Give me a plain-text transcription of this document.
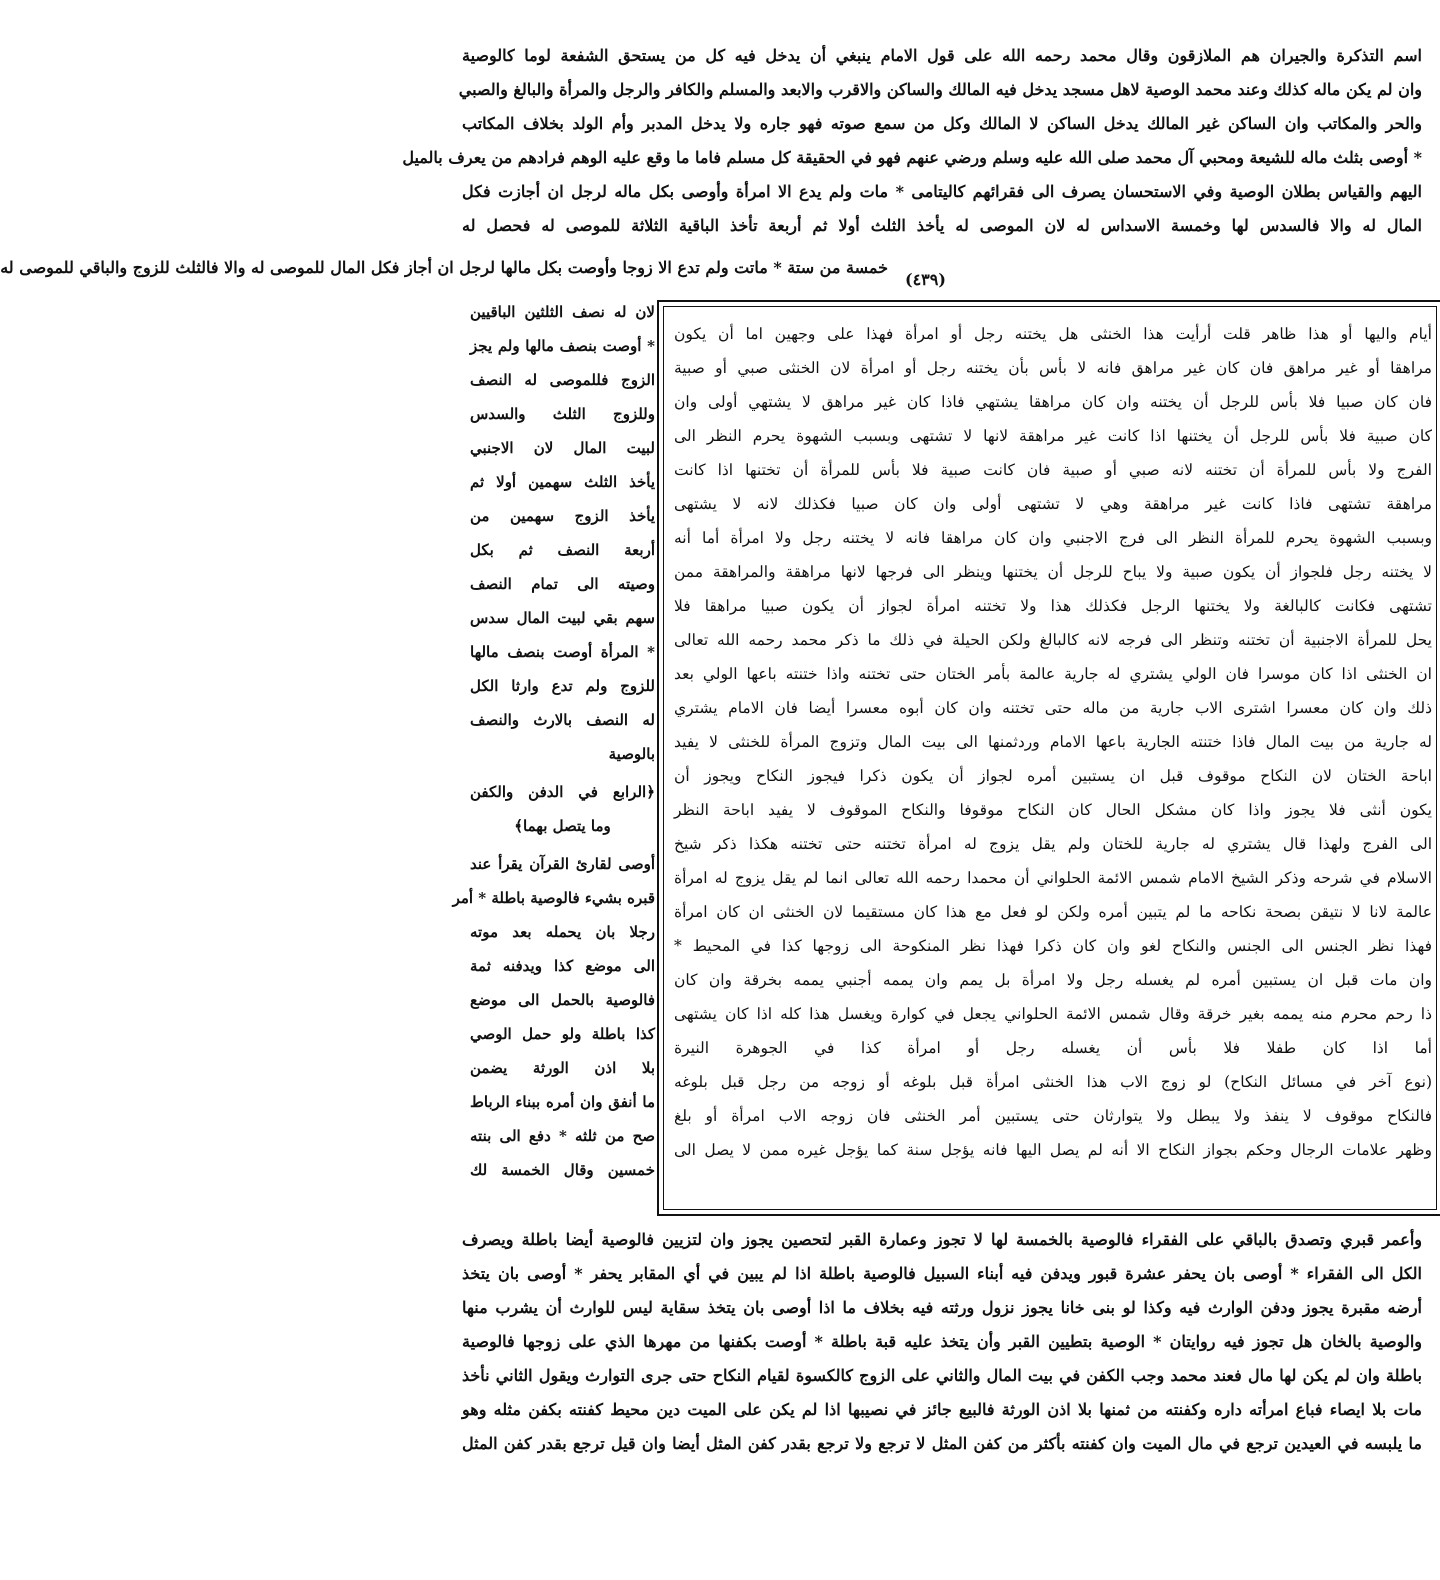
اسم التذكرة والجيران هم الملازقون وقال محمد رحمه الله على قول الامام ينبغي أن يدخل فيه كل من يستحق الشفعة لوما كالوصية
وان لم يكن ماله كذلك وعند محمد الوصية لاهل مسجد يدخل فيه المالك والساكن والاقرب والابعد والمسلم والكافر والرجل والمرأة والبالغ والصبي
والحر والمكاتب وان الساكن غير المالك يدخل الساكن لا المالك وكل من سمع صوته فهو جاره ولا يدخل المدبر وأم الولد بخلاف المكاتب
* أوصى بثلث ماله للشيعة ومحبي آل محمد صلى الله عليه وسلم ورضي عنهم فهو في الحقيقة كل مسلم فاما ما وقع عليه الوهم فرادهم من يعرف بالميل
اليهم والقياس بطلان الوصية وفي الاستحسان يصرف الى فقرائهم كاليتامى * مات ولم يدع الا امرأة وأوصى بكل ماله لرجل ان أجازت فكل
المال له والا فالسدس لها وخمسة الاسداس له لان الموصى له يأخذ الثلث أولا ثم أربعة تأخذ الباقية الثلاثة للموصى له فحصل له
خمسة من ستة * ماتت ولم تدع الا زوجا وأوصت بكل مالها لرجل ان أجاز فكل المال للموصى له والا فالثلث للزوج والباقي للموصى له
(٤٣٩)
أيام واليها أو هذا ظاهر قلت أرأيت هذا الخنثى هل يختنه رجل أو امرأة فهذا على وجهين اما أن يكون
مراهقا أو غير مراهق فان كان غير مراهق فانه لا بأس بأن يختنه رجل أو امرأة لان الخنثى صبي أو صبية
فان كان صبيا فلا بأس للرجل أن يختنه وان كان مراهقا يشتهي فاذا كان غير مراهق لا يشتهي أولى وان
كان صبية فلا بأس للرجل أن يختنها اذا كانت غير مراهقة لانها لا تشتهى وبسبب الشهوة يحرم النظر الى
الفرج ولا بأس للمرأة أن تختنه لانه صبي أو صبية فان كانت صبية فلا بأس للمرأة أن تختنها اذا كانت
مراهقة تشتهى فاذا كانت غير مراهقة وهي لا تشتهى أولى وان كان صبيا فكذلك لانه لا يشتهى
وبسبب الشهوة يحرم للمرأة النظر الى فرج الاجنبي وان كان مراهقا فانه لا يختنه رجل ولا امرأة أما أنه
لا يختنه رجل فلجواز أن يكون صبية ولا يباح للرجل أن يختنها وينظر الى فرجها لانها مراهقة والمراهقة ممن
تشتهى فكانت كالبالغة ولا يختنها الرجل فكذلك هذا ولا تختنه امرأة لجواز أن يكون صبيا مراهقا فلا
يحل للمرأة الاجنبية أن تختنه وتنظر الى فرجه لانه كالبالغ ولكن الحيلة في ذلك ما ذكر محمد رحمه الله تعالى
ان الخنثى اذا كان موسرا فان الولي يشتري له جارية عالمة بأمر الختان حتى تختنه واذا ختنته باعها الولي بعد
ذلك وان كان معسرا اشترى الاب جارية من ماله حتى تختنه وان كان أبوه معسرا أيضا فان الامام يشتري
له جارية من بيت المال فاذا ختنته الجارية باعها الامام وردثمنها الى بيت المال وتزوج المرأة للخنثى لا يفيد
اباحة الختان لان النكاح موقوف قبل ان يستبين أمره لجواز أن يكون ذكرا فيجوز النكاح ويجوز أن
يكون أنثى فلا يجوز واذا كان مشكل الحال كان النكاح موقوفا والنكاح الموقوف لا يفيد اباحة النظر
الى الفرج ولهذا قال يشتري له جارية للختان ولم يقل يزوج له امرأة تختنه حتى تختنه هكذا ذكر شيخ
الاسلام في شرحه وذكر الشيخ الامام شمس الائمة الحلواني أن محمدا رحمه الله تعالى انما لم يقل يزوج له امرأة
عالمة لانا لا نتيقن بصحة نكاحه ما لم يتبين أمره ولكن لو فعل مع هذا كان مستقيما لان الخنثى ان كان امرأة
فهذا نظر الجنس الى الجنس والنكاح لغو وان كان ذكرا فهذا نظر المنكوحة الى زوجها كذا في المحيط *
وان مات قبل ان يستبين أمره لم يغسله رجل ولا امرأة بل يمم وان يممه أجنبي يممه بخرقة وان كان
ذا رحم محرم منه يممه بغير خرقة وقال شمس الائمة الحلواني يجعل في كوارة ويغسل هذا كله اذا كان يشتهى
أما اذا كان طفلا فلا بأس أن يغسله رجل أو امرأة كذا في الجوهرة النيرة
(نوع آخر في مسائل النكاح) لو زوج الاب هذا الخنثى امرأة قبل بلوغه أو زوجه من رجل قبل بلوغه
فالنكاح موقوف لا ينفذ ولا يبطل ولا يتوارثان حتى يستبين أمر الخنثى فان زوجه الاب امرأة أو بلغ
وظهر علامات الرجال وحكم بجواز النكاح الا أنه لم يصل اليها فانه يؤجل سنة كما يؤجل غيره ممن لا يصل الى
لان له نصف الثلثين الباقيين
* أوصت بنصف مالها ولم يجز
الزوج فللموصى له النصف
وللزوج الثلث والسدس
لبيت المال لان الاجنبي
يأخذ الثلث سهمين أولا ثم
يأخذ الزوج سهمين من
أربعة النصف ثم بكل
وصيته الى تمام النصف
سهم بقي لبيت المال سدس
* المرأة أوصت بنصف مالها
للزوج ولم تدع وارثا الكل
له النصف بالارث والنصف
بالوصية
﴿الرابع في الدفن والكفن
وما يتصل بهما﴾
أوصى لقارئ القرآن يقرأ عند
قبره بشيء فالوصية باطلة * أمر
رجلا بان يحمله بعد موته
الى موضع كذا ويدفنه ثمة
فالوصية بالحمل الى موضع
كذا باطلة ولو حمل الوصي
بلا اذن الورثة يضمن
ما أنفق وان أمره ببناء الرباط
صح من ثلثه * دفع الى بنته
خمسين وقال الخمسة لك
وأعمر قبري وتصدق بالباقي على الفقراء فالوصية بالخمسة لها لا تجوز وعمارة القبر لتحصين يجوز وان لتزيين فالوصية أيضا باطلة ويصرف
الكل الى الفقراء * أوصى بان يحفر عشرة قبور ويدفن فيه أبناء السبيل فالوصية باطلة اذا لم يبين في أي المقابر يحفر * أوصى بان يتخذ
أرضه مقبرة يجوز ودفن الوارث فيه وكذا لو بنى خانا يجوز نزول ورثته فيه بخلاف ما اذا أوصى بان يتخذ سقاية ليس للوارث أن يشرب منها
والوصية بالخان هل تجوز فيه روايتان * الوصية بتطيين القبر وأن يتخذ عليه قبة باطلة * أوصت بكفنها من مهرها الذي على زوجها فالوصية
باطلة وان لم يكن لها مال فعند محمد وجب الكفن في بيت المال والثاني على الزوج كالكسوة لقيام النكاح حتى جرى التوارث ويقول الثاني نأخذ
مات بلا ايصاء فباع امرأته داره وكفنته من ثمنها بلا اذن الورثة فالبيع جائز في نصيبها اذا لم يكن على الميت دين محيط كفنته بكفن مثله وهو
ما يلبسه في العيدين ترجع في مال الميت وان كفنته بأكثر من كفن المثل لا ترجع ولا ترجع بقدر كفن المثل أيضا وان قيل ترجع بقدر كفن المثل
